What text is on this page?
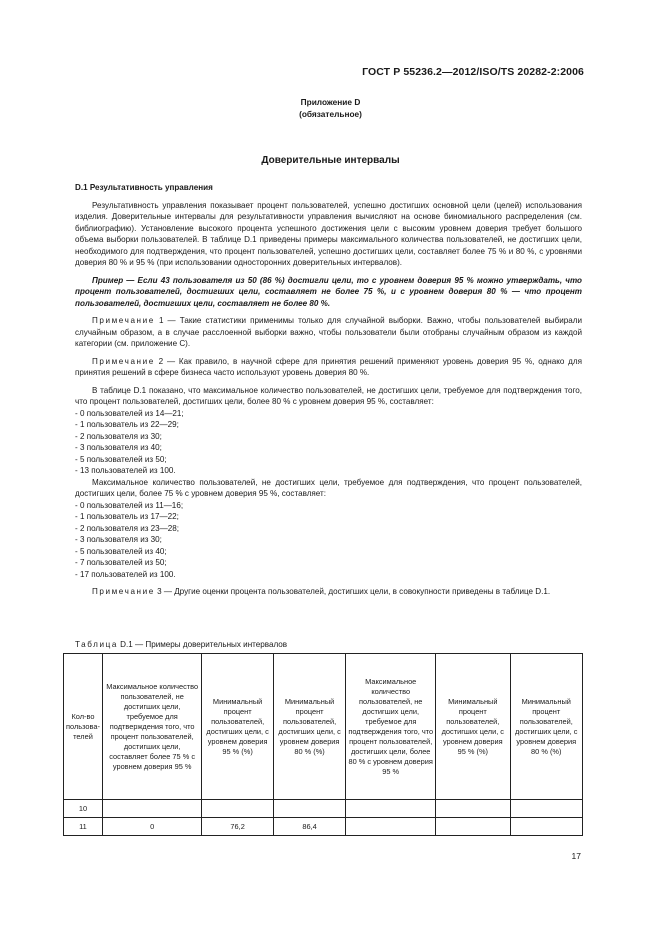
ГОСТ Р 55236.2—2012/ISO/TS 20282-2:2006
Приложение D
(обязательное)
Доверительные интервалы

D.1 Результативность управления

Результативность управления показывает процент пользователей, успешно достигших основной цели (целей) использования изделия. Доверительные интервалы для результативности управления вычисляют на основе биномиального распределения (см. библиографию). Установление высокого процента успешного достижения цели с высоким уровнем доверия требует большого объема выборки пользователей. В таблице D.1 приведены примеры максимального количества пользователей, не достигших цели, необходимого для подтверждения, что процент пользователей, успешно достигших цели, составляет более 75 % и 80 %, с уровнями доверия 80 % и 95 % (при использовании односторонних доверительных интервалов).

Пример — Если 43 пользователя из 50 (86 %) достигли цели, то с уровнем доверия 95 % можно утверждать, что процент пользователей, достигших цели, составляет не более 75 %, и с уровнем доверия 80 % — что процент пользователей, достигших цели, составляет не более 80 %.

Примечание 1 — Такие статистики применимы только для случайной выборки. Важно, чтобы пользователей выбирали случайным образом, а в случае расслоенной выборки важно, чтобы пользователи были отобраны случайным образом из каждой категории (см. приложение С).

Примечание 2 — Как правило, в научной сфере для принятия решений применяют уровень доверия 95 %, однако для принятия решений в сфере бизнеса часто используют уровень доверия 80 %.

В таблице D.1 показано, что максимальное количество пользователей, не достигших цели, требуемое для подтверждения того, что процент пользователей, достигших цели, более 80 % с уровнем доверия 95 %, составляет:

- 0 пользователей из 14—21;

- 1 пользователь из 22—29;

- 2 пользователя из 30;

- 3 пользователя из 40;

- 5 пользователей из 50;

- 13 пользователей из 100.

Максимальное количество пользователей, не достигших цели, требуемое для подтверждения, что процент пользователей, достигших цели, более 75 % с уровнем доверия 95 %, составляет:

- 0 пользователей из 11—16;

- 1 пользователь из 17—22;

- 2 пользователя из 23—28;

- 3 пользователя из 30;

- 5 пользователей из 40;

- 7 пользователей из 50;

- 17 пользователей из 100.

Примечание 3 — Другие оценки процента пользователей, достигших цели, в совокупности приведены в таблице D.1.

Таблица D.1 — Примеры доверительных интервалов
Кол-во пользова-телей	Максимальное количество пользователей, не достигших цели, требуемое для подтверждения того, что процент пользователей, достигших цели, составляет более 75 % с уровнем доверия 95 %	Минимальный процент пользователей, достигших цели, с уровнем доверия 95 % (%)	Минимальный процент пользователей, достигших цели, с уровнем доверия 80 % (%)	Максимальное количество пользователей, не достигших цели, требуемое для подтверждения того, что процент пользователей, достигших цели, более 80 % с уровнем доверия 95 %	Минимальный процент пользователей, достигших цели, с уровнем доверия 95 % (%)	Минимальный процент пользователей, достигших цели, с уровнем доверия 80 % (%)
10						
11	0	76,2	86,4			
17
